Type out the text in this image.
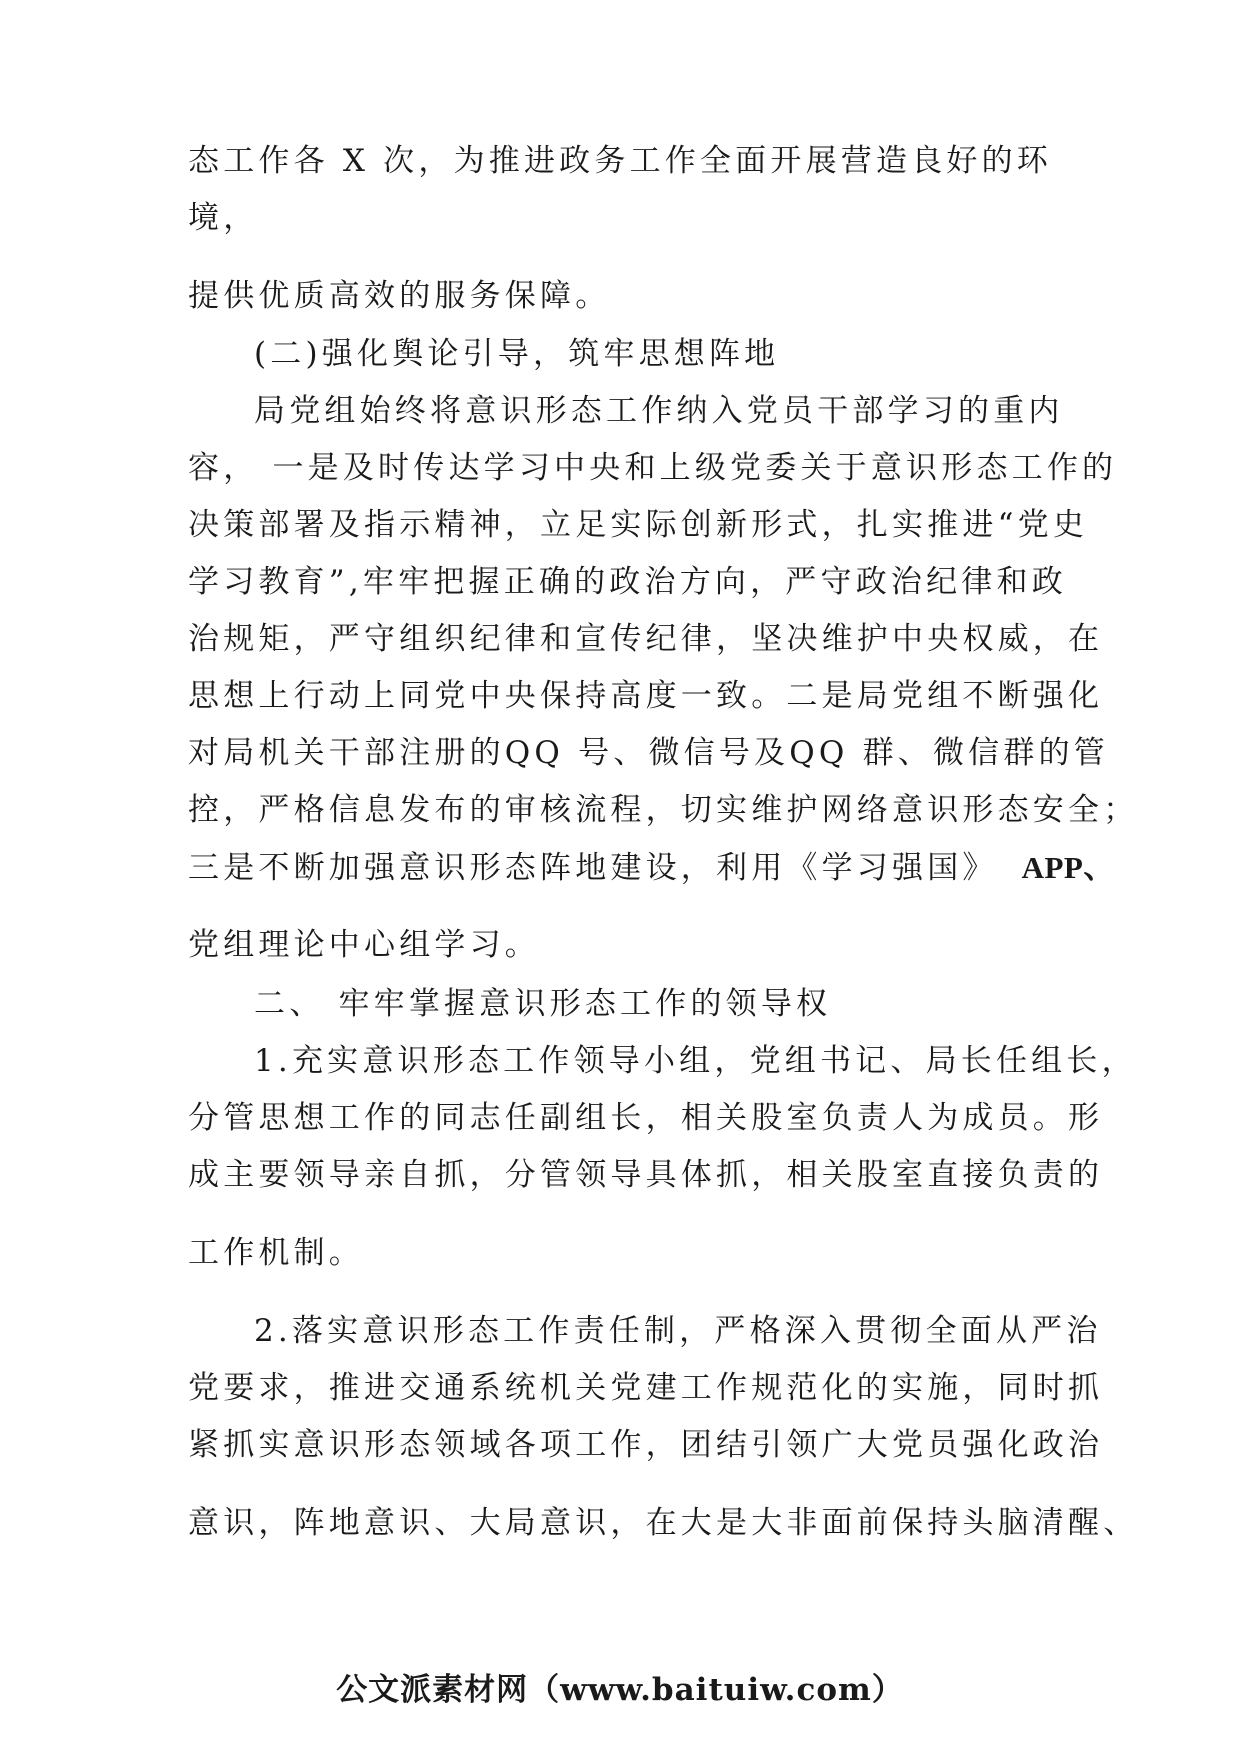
态工作各 X 次，为推进政务工作全面开展营造良好的环
境，
提供优质高效的服务保障。
(二)强化舆论引导，筑牢思想阵地
局党组始终将意识形态工作纳入党员干部学习的重内
容， 一是及时传达学习中央和上级党委关于意识形态工作的
决策部署及指示精神，立足实际创新形式，扎实推进“党史
学习教育”,牢牢把握正确的政治方向，严守政治纪律和政
治规矩，严守组织纪律和宣传纪律，坚决维护中央权威，在
思想上行动上同党中央保持高度一致。二是局党组不断强化
对局机关干部注册的QQ 号、微信号及QQ 群、微信群的管
控，严格信息发布的审核流程，切实维护网络意识形态安全；
三是不断加强意识形态阵地建设，利用《学习强国》 APP、
党组理论中心组学习。
二、 牢牢掌握意识形态工作的领导权
1.充实意识形态工作领导小组，党组书记、局长任组长，
分管思想工作的同志任副组长，相关股室负责人为成员。形
成主要领导亲自抓，分管领导具体抓，相关股室直接负责的
工作机制。
2.落实意识形态工作责任制，严格深入贯彻全面从严治
党要求，推进交通系统机关党建工作规范化的实施，同时抓
紧抓实意识形态领域各项工作，团结引领广大党员强化政治
意识，阵地意识、大局意识，在大是大非面前保持头脑清醒、
公文派素材网（www.baituiw.com）
